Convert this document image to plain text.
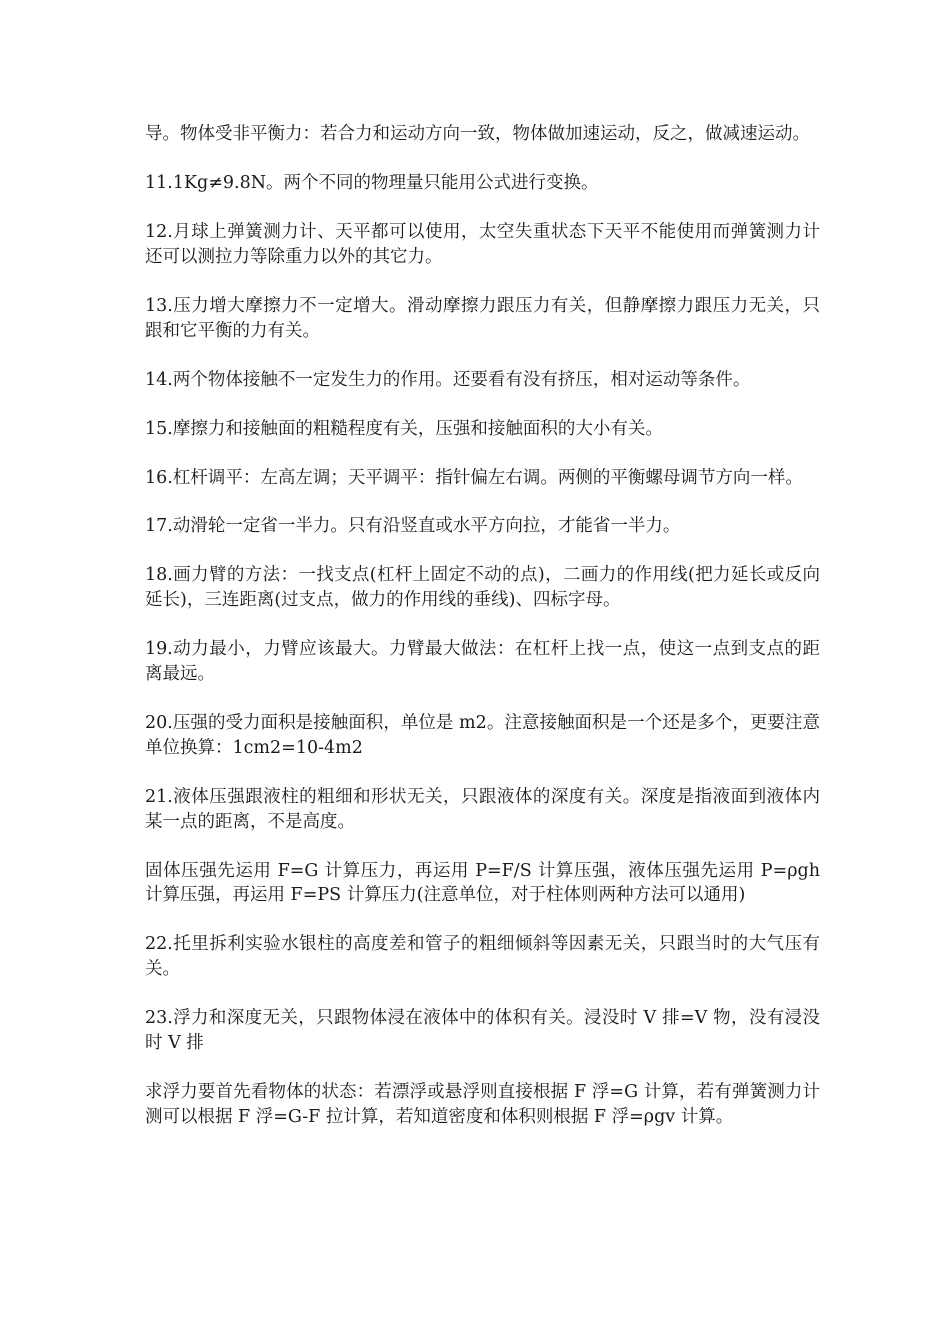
导。物体受非平衡力：若合力和运动方向一致，物体做加速运动，反之，做减速运动。

11.1Kg≠9.8N。两个不同的物理量只能用公式进行变换。

12.月球上弹簧测力计、天平都可以使用，太空失重状态下天平不能使用而弹簧测力计还可以测拉力等除重力以外的其它力。

13.压力增大摩擦力不一定增大。滑动摩擦力跟压力有关，但静摩擦力跟压力无关，只跟和它平衡的力有关。

14.两个物体接触不一定发生力的作用。还要看有没有挤压，相对运动等条件。

15.摩擦力和接触面的粗糙程度有关，压强和接触面积的大小有关。

16.杠杆调平：左高左调；天平调平：指针偏左右调。两侧的平衡螺母调节方向一样。

17.动滑轮一定省一半力。只有沿竖直或水平方向拉，才能省一半力。

18.画力臂的方法：一找支点(杠杆上固定不动的点)，二画力的作用线(把力延长或反向延长)，三连距离(过支点，做力的作用线的垂线)、四标字母。

19.动力最小，力臂应该最大。力臂最大做法：在杠杆上找一点，使这一点到支点的距离最远。

20.压强的受力面积是接触面积，单位是 m2。注意接触面积是一个还是多个，更要注意单位换算：1cm2=10-4m2

21.液体压强跟液柱的粗细和形状无关，只跟液体的深度有关。深度是指液面到液体内某一点的距离，不是高度。

固体压强先运用 F=G 计算压力，再运用 P=F/S 计算压强，液体压强先运用 P=ρgh 计算压强，再运用 F=PS 计算压力(注意单位，对于柱体则两种方法可以通用)

22.托里拆利实验水银柱的高度差和管子的粗细倾斜等因素无关，只跟当时的大气压有关。

23.浮力和深度无关，只跟物体浸在液体中的体积有关。浸没时 V 排=V 物，没有浸没时 V 排

求浮力要首先看物体的状态：若漂浮或悬浮则直接根据 F 浮=G 计算，若有弹簧测力计测可以根据 F 浮=G-F 拉计算，若知道密度和体积则根据 F 浮=ρgv 计算。
